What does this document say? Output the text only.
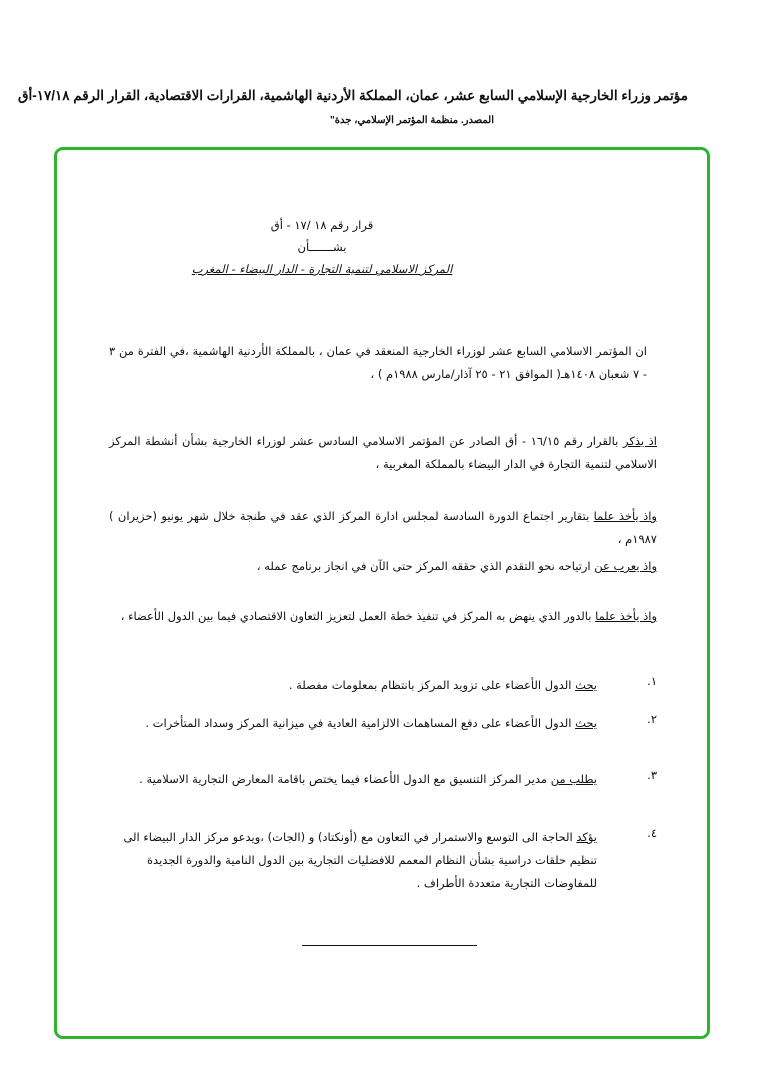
مؤتمر وزراء الخارجية الإسلامي السابع عشر، عمان، المملكة الأردنية الهاشمية، القرارات الاقتصادية، القرار الرقم ١٧/١٨-أق
المصدر. منظمة المؤتمر الإسلامي، جدة"
قرار رقم ١٨ /١٧ - أق
بشـــــــأن
المركز الاسلامي لتنمية التجارة - الدار البيضاء - المغرب
ان المؤتمر الاسلامي السابع عشر لوزراء الخارجية المنعقد في عمان ، بالمملكة الأردنية الهاشمية ،في الفترة من ٣ - ٧ شعبان ١٤٠٨هـ( الموافق ٢١ - ٢٥ آذار/مارس ١٩٨٨م ) ،
اذ يذكر بالقرار رقم ١٦/١٥ - أق الصادر عن المؤتمر الاسلامي السادس عشر لوزراء الخارجية بشأن أنشطة المركز الاسلامي لتنمية التجارة في الدار البيضاء بالمملكة المغربية ،
واذ يأخذ علما بتقارير اجتماع الدورة السادسة لمجلس ادارة المركز الذي عقد في طنجة خلال شهر يونيو (حزيران ) ١٩٨٧م ،
واذ يعرب عن ارتياحه نحو التقدم الذي حققه المركز حتى الآن في انجاز برنامج عمله ،
واذ يأخذ علما بالدور الذي ينهض به المركز في تنفيذ خطة العمل لتعزيز التعاون الاقتصادي فيما بين الدول الأعضاء ،
١.
يحث الدول الأعضاء على تزويد المركز بانتظام بمعلومات مفصلة .
٢.
يحث الدول الأعضاء على دفع المساهمات الالزامية العادية في ميزانية المركز وسداد المتأخرات .
٣.
يطلب من مدير المركز التنسيق مع الدول الأعضاء فيما يختص باقامة المعارض التجارية الاسلامية .
٤.
يؤكد الحاجة الى التوسع والاستمرار في التعاون مع (أونكتاد) و (الجات) ،ويدعو مركز الدار البيضاء الى تنظيم حلقات دراسية بشأن النظام المعمم للافضليات التجارية بين الدول النامية والدورة الجديدة للمفاوضات التجارية متعددة الأطراف .
